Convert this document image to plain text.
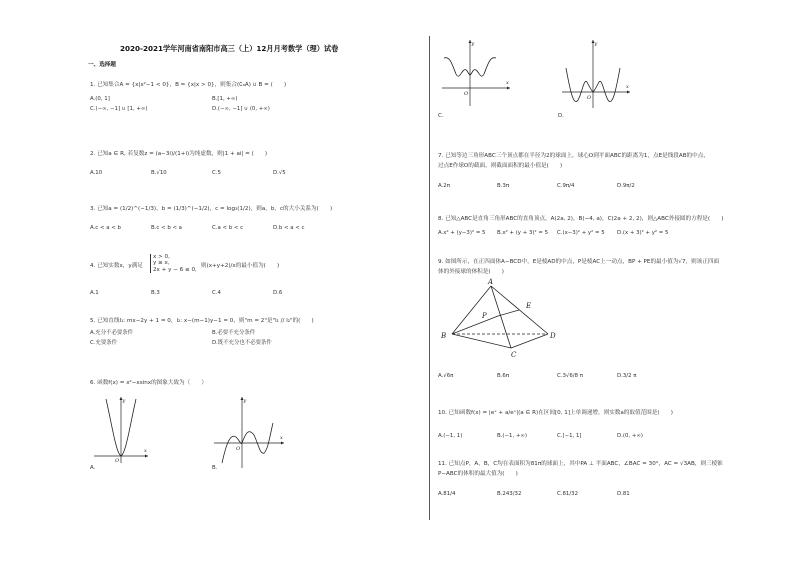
2020-2021学年河南省南阳市高三（上）12月月考数学（理）试卷
一、选择题
1. 已知集合A = {x|x²−1 < 0}，B = {x|x > 0}，则集合(∁ₐA) ∪ B = (　　)
A.(0, 1]	B.[1, +∞)
C.(−∞, −1] ∪ [1, +∞)	D.(−∞, −1] ∪ (0, +∞)
2. 已知a ∈ R, 若复数z = (a−3i)/(1+i)为纯虚数，则|1 + ai| = (　　)
A.10	B.√10	C.5	D.√5
3. 已知a = (1/2)^(−1/3)，b = (1/3)^(−1/2)，c = log₃(1/2)，则a，b，c的大小关系为(　　)
A.c < a < b	B.c < b < a	C.a < b < c	D.b < a < c
4. 已知实数x，y满足
x > 0,
y ≥ x,
2x + y − 6 ≤ 0,
则(x+y+2)/x的最小值为(　　)
A.1	B.3	C.4	D.6
5. 已知直线l₁: mx−2y + 1 = 0，l₂: x−(m−1)y−1 = 0，则"m = 2"是"l₁ // l₂"的(　　)
A.充分不必要条件	B.必要不充分条件
C.充要条件	D.既不充分也不必要条件
6. 函数f(x) = x²−xsinx的图象大致为（　　）
y
x
O
A.
y
x
O
B.
y
x
O
C.
y
x
O
D.
7. 已知等边三角形ABC三个顶点都在半径为2的球面上，球心O到平面ABC的距离为1，点E是线段AB的中点，
过点E作球O的截面，则截面面积的最小值是(　　)
A.2π	B.3π	C.9π/4	D.9π/2
8. 已知△ABC是直角三角形ABC的直角顶点，A(2a, 2)，B(−4, a)，C(2a + 2, 2)，则△ABC外接圆的方程是(　　)
A.x² + (y−3)² = 5 B.x² + (y + 3)² = 5 C.(x−3)² + y² = 5 D.(x + 3)² + y² = 5
9. 如图所示，在正四面体A−BCD中，E是棱AD的中点，P是棱AC上一动点，BP + PE的最小值为√7，则该正四面
体的外接球的体积是(　　)
A
B
C
D
E
P
A.√6π	B.6π	C.3√6/8 π	D.3/2 π
10. 已知函数f(x) = |eˣ + a/eˣ|(a ∈ R)在区间[0, 1]上单调递增，则实数a的取值范围是(　　)
A.(−1, 1)	B.(−1, +∞)	C.[−1, 1]	D.(0, +∞)
11. 已知点P，A，B，C均在表面积为81π的球面上，其中PA ⊥ 平面ABC，∠BAC = 30°，AC = √3AB，则三棱锥
P−ABC的体积的最大值为(　　)
A.81/4	B.243/32	C.81/32	D.81
